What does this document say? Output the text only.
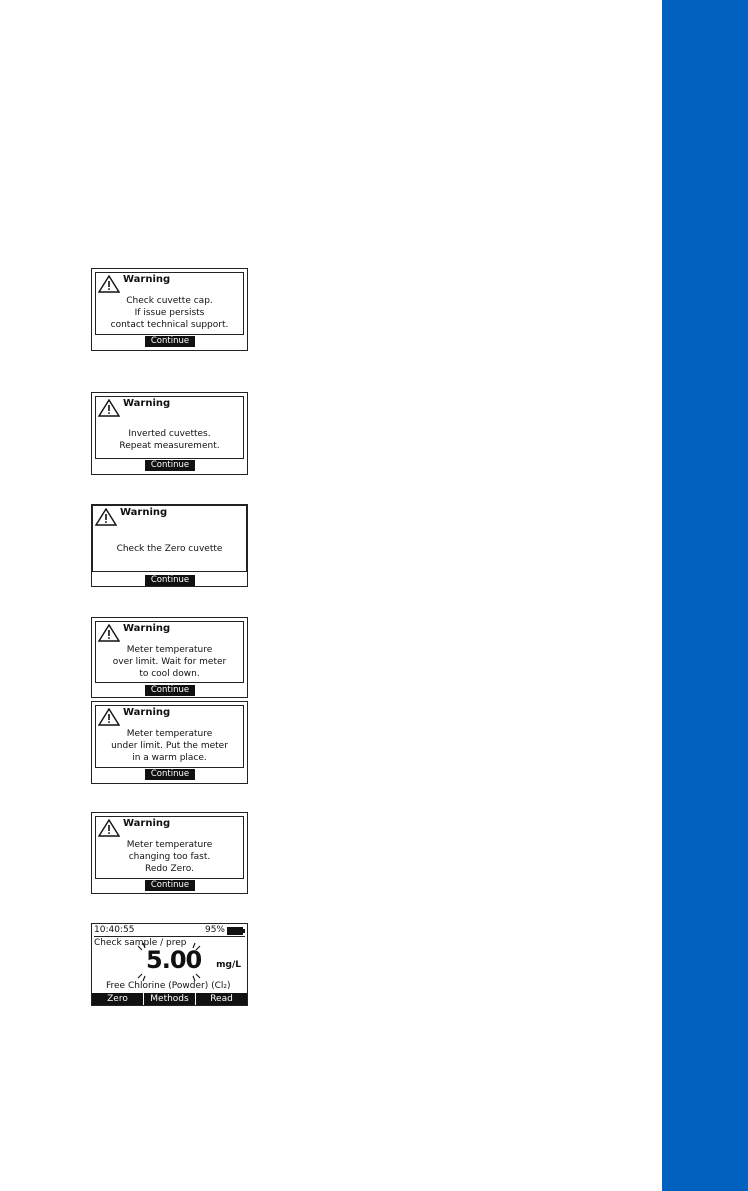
Warning
Check cuvette cap.
If issue persists
contact technical support.
Continue
Warning
Inverted cuvettes.
Repeat measurement.
Continue
Warning
Check the Zero cuvette
Continue
Warning
Meter temperature
over limit. Wait for meter
to cool down.
Continue
Warning
Meter temperature
under limit. Put the meter
in a warm place.
Continue
Warning
Meter temperature
changing too fast.
Redo Zero.
Continue
10:40:55	95%
Check sample / prep
5.00 mg/L
Free Chlorine (Powder) (Cl₂)
Zero	Methods	Read
